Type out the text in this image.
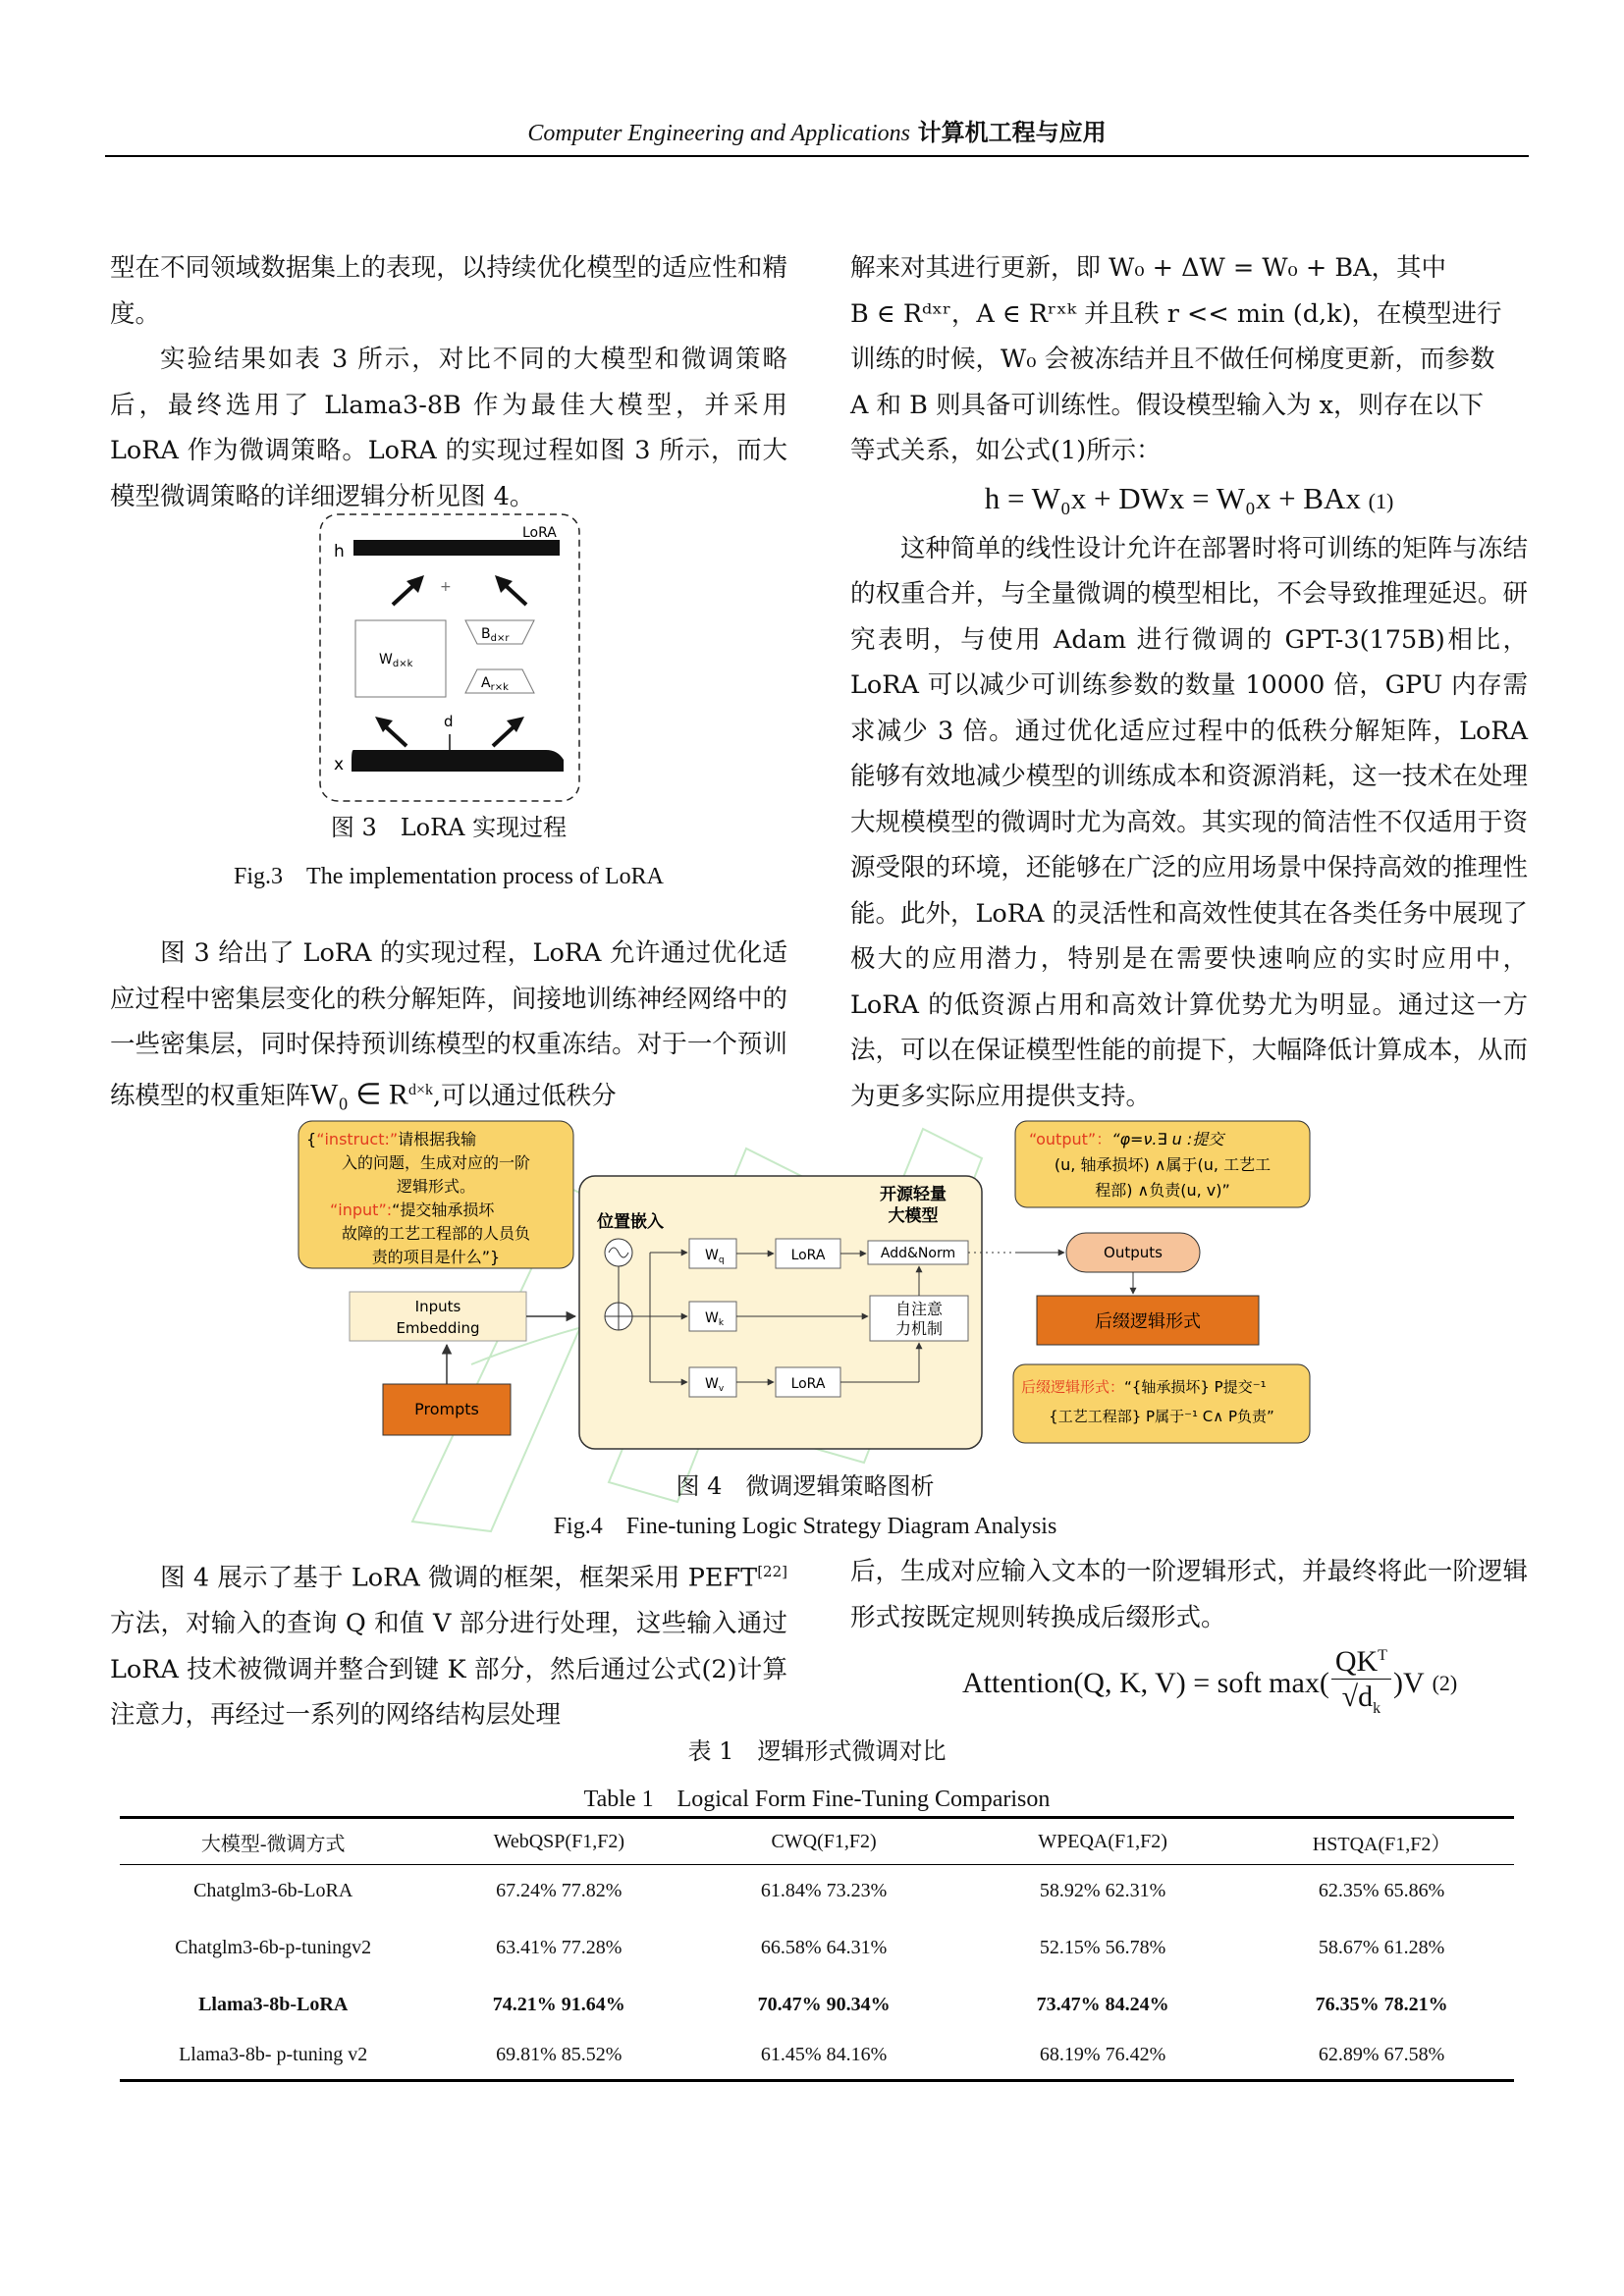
Computer Engineering and Applications 计算机工程与应用

型在不同领域数据集上的表现，以持续优化模型的适应性和精度。

实验结果如表 3 所示，对比不同的大模型和微调策略后，最终选用了 Llama3-8B 作为最佳大模型，并采用 LoRA 作为微调策略。LoRA 的实现过程如图 3 所示，而大模型微调策略的详细逻辑分析见图 4。

h
LoRA
+
$W_{d\times k}$
$B_{d\times r}$
$A_{r\times k}$
d
x
图 3　LoRA 实现过程
Fig.3　The implementation process of LoRA

图 3 给出了 LoRA 的实现过程，LoRA 允许通过优化适应过程中密集层变化的秩分解矩阵，间接地训练神经网络中的一些密集层，同时保持预训练模型的权重冻结。对于一个预训练模型的权重矩阵W₀ ∈ $R^{d\times k}$,可以通过低秩分

解来对其进行更新，即 W₀ + ΔW = W₀ + BA，其中

B ∈ Rᵈˣʳ，A ∈ Rʳˣᵏ 并且秩 r << min (d,k)，在模型进行

训练的时候，W₀ 会被冻结并且不做任何梯度更新，而参数

A 和 B 则具备可训练性。假设模型输入为 x，则存在以下

等式关系，如公式(1)所示：

h = W₀x + DWx = W₀x + BAx (1)

这种简单的线性设计允许在部署时将可训练的矩阵与冻结的权重合并，与全量微调的模型相比，不会导致推理延迟。研究表明，与使用 Adam 进行微调的 GPT-3(175B)相比，LoRA 可以减少可训练参数的数量 10000 倍，GPU 内存需求减少 3 倍。通过优化适应过程中的低秩分解矩阵，LoRA 能够有效地减少模型的训练成本和资源消耗，这一技术在处理大规模模型的微调时尤为高效。其实现的简洁性不仅适用于资源受限的环境，还能够在广泛的应用场景中保持高效的推理性能。此外，LoRA 的灵活性和高效性使其在各类任务中展现了极大的应用潜力，特别是在需要快速响应的实时应用中，LoRA 的低资源占用和高效计算优势尤为明显。通过这一方法，可以在保证模型性能的前提下，大幅降低计算成本，从而为更多实际应用提供支持。

{“instruct:”请根据我输
入的问题，生成对应的一阶
逻辑形式。
“input”:“提交轴承损坏
故障的工艺工程部的人员负
责的项目是什么”}
Inputs
Embedding
Prompts
位置嵌入
开源轻量
大模型
$W_q$	LoRA
$W_k$
$W_v$	LoRA
Add&Norm
自注意
力机制
“output”：“φ=ν.∃ u :提交
(u, 轴承损坏) ∧属于(u, 工艺工
程部) ∧负责(u, v)”
Outputs
后缀逻辑形式
后缀逻辑形式：“{轴承损坏} P提交⁻¹
{工艺工程部} P属于⁻¹ C∧ P负责”
图 4　微调逻辑策略图析
Fig.4　Fine-tuning Logic Strategy Diagram Analysis

图 4 展示了基于 LoRA 微调的框架，框架采用 PEFT[22]方法，对输入的查询 Q 和值 V 部分进行处理，这些输入通过 LoRA 技术被微调并整合到键 K 部分，然后通过公式(2)计算注意力，再经过一系列的网络结构层处理

后，生成对应输入文本的一阶逻辑形式，并最终将此一阶逻辑形式按既定规则转换成后缀形式。

Attention(Q, K, V) = soft max(
$QK^T$
$√d_k$
)V (2)
表 1　逻辑形式微调对比
Table 1　Logical Form Fine-Tuning Comparison
大模型-微调方式	WebQSP(F1,F2)	CWQ(F1,F2)	WPEQA(F1,F2)	HSTQA(F1,F2）
Chatglm3-6b-LoRA	67.24% 77.82%	61.84% 73.23%	58.92% 62.31%	62.35% 65.86%
Chatglm3-6b-p-tuningv2	63.41% 77.28%	66.58% 64.31%	52.15% 56.78%	58.67% 61.28%
Llama3-8b-LoRA	74.21% 91.64%	70.47% 90.34%	73.47% 84.24%	76.35% 78.21%
Llama3-8b- p-tuning v2	69.81% 85.52%	61.45% 84.16%	68.19% 76.42%	62.89% 67.58%
